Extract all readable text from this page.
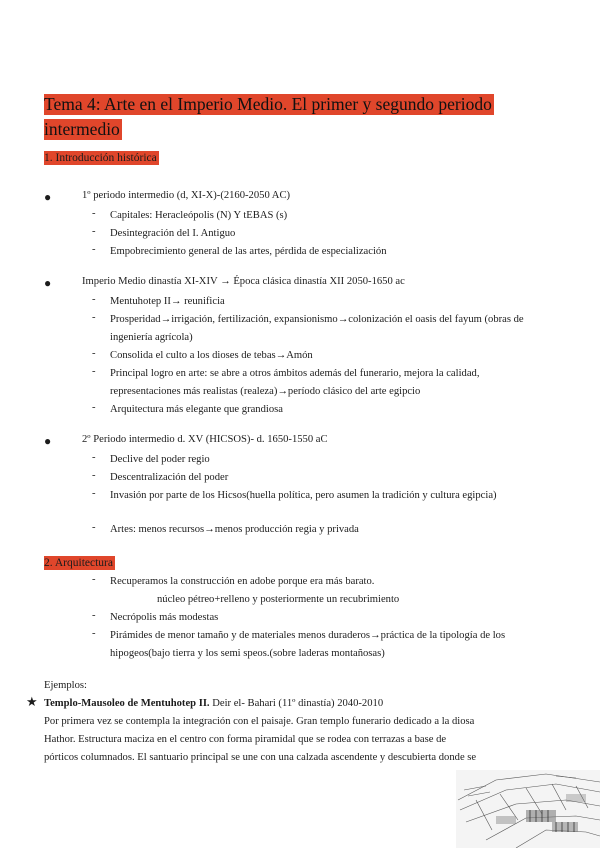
Tema 4: Arte en el Imperio Medio. El primer y segundo periodo intermedio
1. Introducción histórica
●	1º periodo intermedio (d, XI-X)-(2160-2050 AC)
- Capitales: Heracleópolis (N) Y tEBAS (s)
- Desintegración del I. Antiguo
- Empobrecimiento general de las artes, pérdida de especialización
●	Imperio Medio dinastía XI-XIV → Época clásica dinastía XII 2050-1650 ac
- Mentuhotep II→ reunificia
- Prosperidad→irrigación, fertilización, expansionismo→colonización el oasis del fayum (obras de ingeniería agrícola)
- Consolida el culto a los dioses de tebas→Amón
- Principal logro en arte: se abre a otros ámbitos además del funerario, mejora la calidad, representaciones más realistas (realeza)→período clásico del arte egipcio
- Arquitectura más elegante que grandiosa
●	2º Periodo intermedio d. XV (HICSOS)- d. 1650-1550 aC
- Declive del poder regio
- Descentralización del poder
- Invasión por parte de los Hicsos(huella política, pero asumen la tradición y cultura egipcia)
- Artes: menos recursos→menos producción regia y privada
2. Arquitectura
- Recuperamos la construcción en adobe porque era más barato.
núcleo pétreo+relleno y posteriormente un recubrimiento
- Necrópolis más modestas
- Pirámides de menor tamaño y de materiales menos duraderos→práctica de la tipología de los hipogeos(bajo tierra y los semi speos.(sobre laderas montañosas)
Ejemplos:
★ Templo-Mausoleo de Mentuhotep II. Deir el- Bahari (11º dinastía) 2040-2010
Por primera vez se contempla la integración con el paisaje. Gran templo funerario dedicado a la diosa
Hathor. Estructura maciza en el centro con forma piramidal que se rodea con terrazas a base de
pórticos columnados. El santuario principal se une con una calzada ascendente y descubierta donde se
